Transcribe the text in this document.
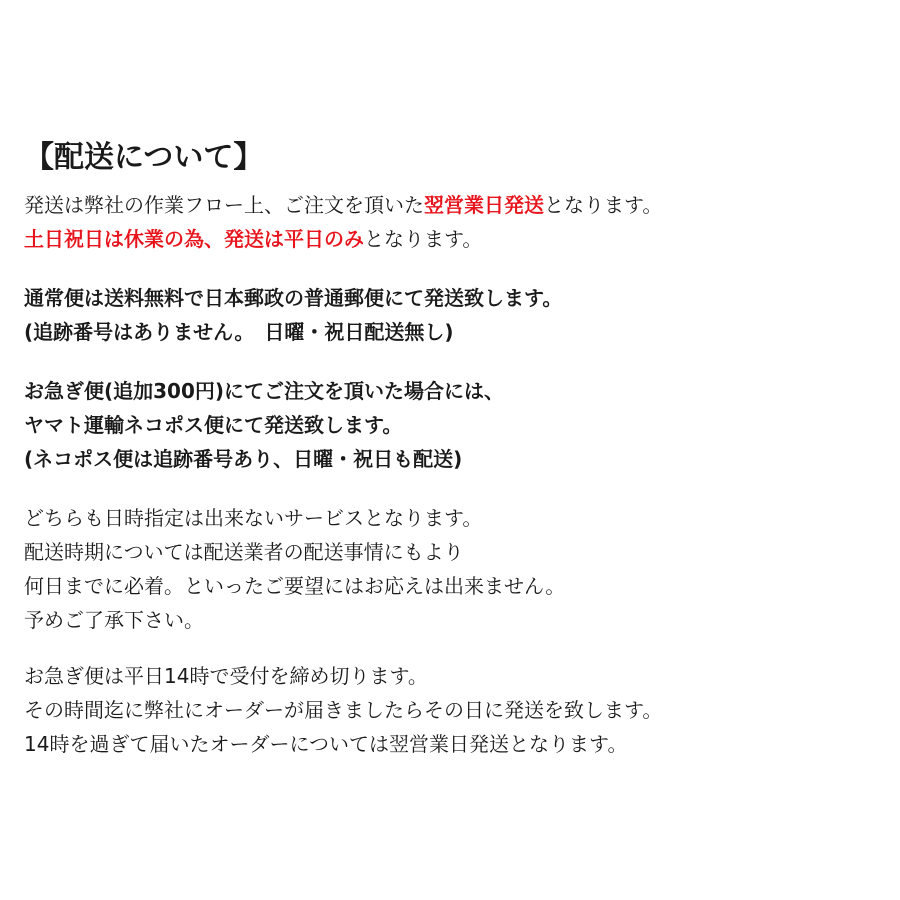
【配送について】
発送は弊社の作業フロー上、ご注文を頂いた翌営業日発送となります。
土日祝日は休業の為、発送は平日のみとなります。
通常便は送料無料で日本郵政の普通郵便にて発送致します。
(追跡番号はありません。　日曜・祝日配送無し)
お急ぎ便(追加300円)にてご注文を頂いた場合には、
ヤマト運輸ネコポス便にて発送致します。
(ネコポス便は追跡番号あり、日曜・祝日も配送)
どちらも日時指定は出来ないサービスとなります。
配送時期については配送業者の配送事情にもより
何日までに必着。といったご要望にはお応えは出来ません。
予めご了承下さい。
お急ぎ便は平日14時で受付を締め切ります。
その時間迄に弊社にオーダーが届きましたらその日に発送を致します。
14時を過ぎて届いたオーダーについては翌営業日発送となります。
